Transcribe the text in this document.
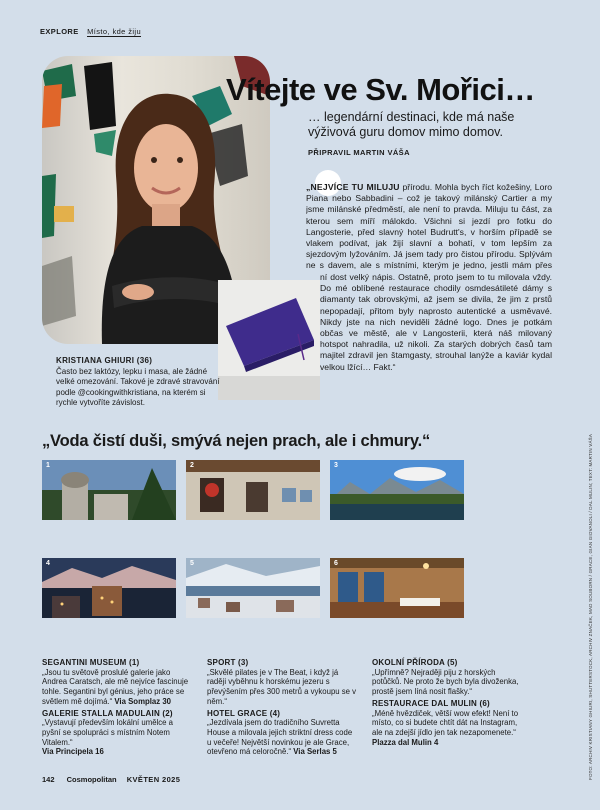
EXPLORE Místo, kde žiju
Vítejte ve Sv. Mořici…
… legendární destinaci, kde má naše výživová guru domov mimo domov.
PŘIPRAVIL MARTIN VÁŠA
„NEJVÍCE TU MILUJU přírodu. Mohla bych říct kožešiny, Loro Piana nebo Sabbadini – což je takový milánský Cartier a my jsme milánské předměstí, ale není to pravda. Miluju tu část, za kterou sem míří málokdo. Všichni si jezdí pro fotku do Langosterie, před slavný hotel Budrutt's, v horším případě se vlakem podívat, jak žijí slavní a bohatí, v tom lepším za sjezdovým lyžováním. Já jsem tady pro čistou přírodu. Splývám ne s davem, ale s místními, kterým je jedno, jestli mám přes
ní dost velký nápis. Ostatně, proto jsem to tu milovala vždy. Do mé oblíbené restaurace chodily osmdesátileté dámy s diamanty tak obrovskými, až jsem se divila, že jim z prstů nepopadají, přitom byly naprosto autentické a usměvavé. Nikdy jste na nich neviděli žádné logo. Dnes je potkám občas ve městě, ale v Langosterii, která náš milovaný hotspot nahradila, už nikoli. Za starých dobrých časů tam majitel zdravil jen štamgasty, strouhal lanýže a kaviár kydal velkou lžící… Fakt.“
KRISTIANA GHIURI (36)
Často bez laktózy, lepku i masa, ale žádné velké omezování. Takové je zdravé stravování podle @cookingwithkristiana, na kterém si rychle vytvoříte závislost.
„Voda čistí duši, smývá nejen prach, ale i chmury.“
1	2	3
4	5	6
SEGANTINI MUSEUM (1)
„Jsou tu světově proslulé galerie jako Andrea Caratsch, ale mě nejvíce fascinuje tohle. Segantini byl génius, jeho práce se světlem mě dojímá.“ Via Somplaz 30
GALERIE STALLA MADULAIN (2)
„Vystavují především lokální umělce a pyšní se spolupráci s místním Notem Vitalem.“
Via Principela 16
SPORT (3)
„Skvělé pilates je v The Beat, i když já raději vyběhnu k horskému jezeru s převýšením přes 300 metrů a vykoupu se v něm.“
HOTEL GRACE (4)
„Jezdívala jsem do tradičního Suvretta House a milovala jejich striktní dress code u večeře! Největší novinkou je ale Grace, otevřeno má celoročně.“ Via Serlas 5
OKOLNÍ PŘÍRODA (5)
„Upřímně? Nejraději piju z horských potůčků. Ne proto že bych byla divoženka, prostě jsem líná nosit flašky.“
RESTAURACE DAL MULIN (6)
„Méně hvězdiček, větší wow efekt! Není to místo, co si budete chtít dát na Instagram, ale na zdejší jídlo jen tak nezapomenete.“
Plazza dal Mulin 4
142 Cosmopolitan KVĚTEN 2025	FOTO: ARCHIV KRISTIANY GHIURI, SHUTTERSTOCK, ARCHIV ZNAČEK, MAD SOUBORN / GRACE, GIAN GIOVANOLI / DAL MULIN; TEXT: MARTIN VÁŠA
